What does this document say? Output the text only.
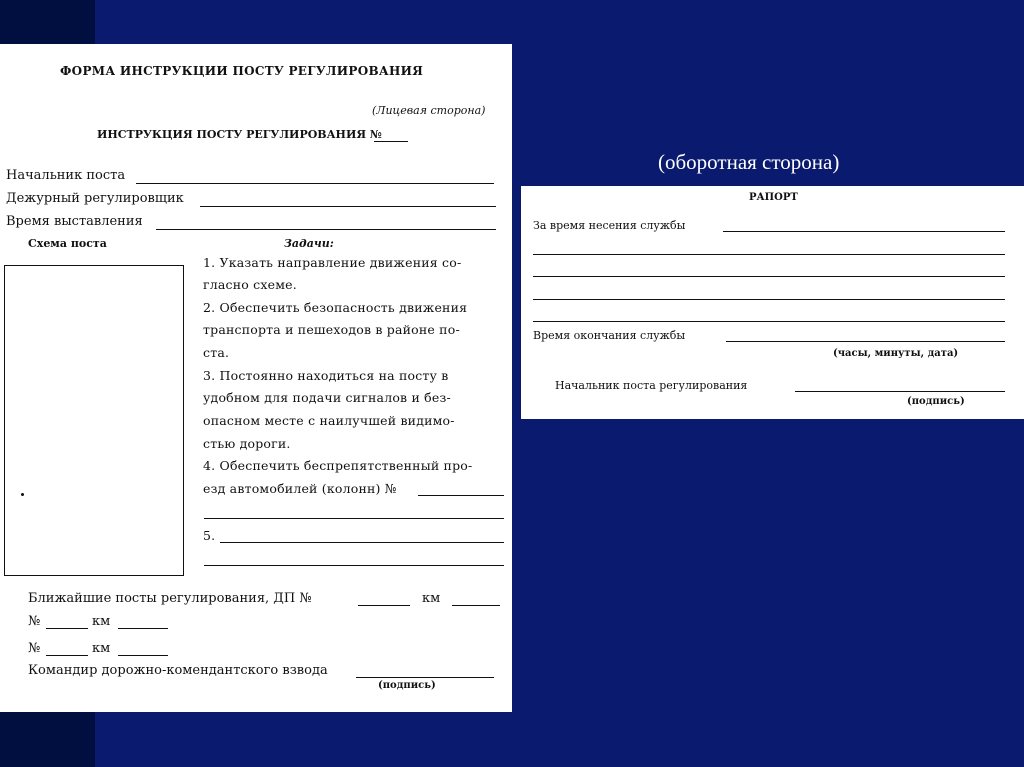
ФОРМА ИНСТРУКЦИИ ПОСТУ РЕГУЛИРОВАНИЯ
(Лицевая сторона)
ИНСТРУКЦИЯ ПОСТУ РЕГУЛИРОВАНИЯ №
Начальник поста
Дежурный регулировщик
Время выставления
Схема поста	Задачи:
1. Указать направление движения со-
гласно схеме.
2. Обеспечить безопасность движения
транспорта и пешеходов в районе по-
ста.
3. Постоянно находиться на посту в
удобном для подачи сигналов и без-
опасном месте с наилучшей видимо-
стью дороги.
4. Обеспечить беспрепятственный про-
езд автомобилей (колонн) №
5.
Ближайшие посты регулирования, ДП №	км
№	км
№	км
Командир дорожно-комендантского взвода
(подпись)
(оборотная сторона)
РАПОРТ
За время несения службы
Время окончания службы
(часы, минуты, дата)
Начальник поста регулирования
(подпись)
